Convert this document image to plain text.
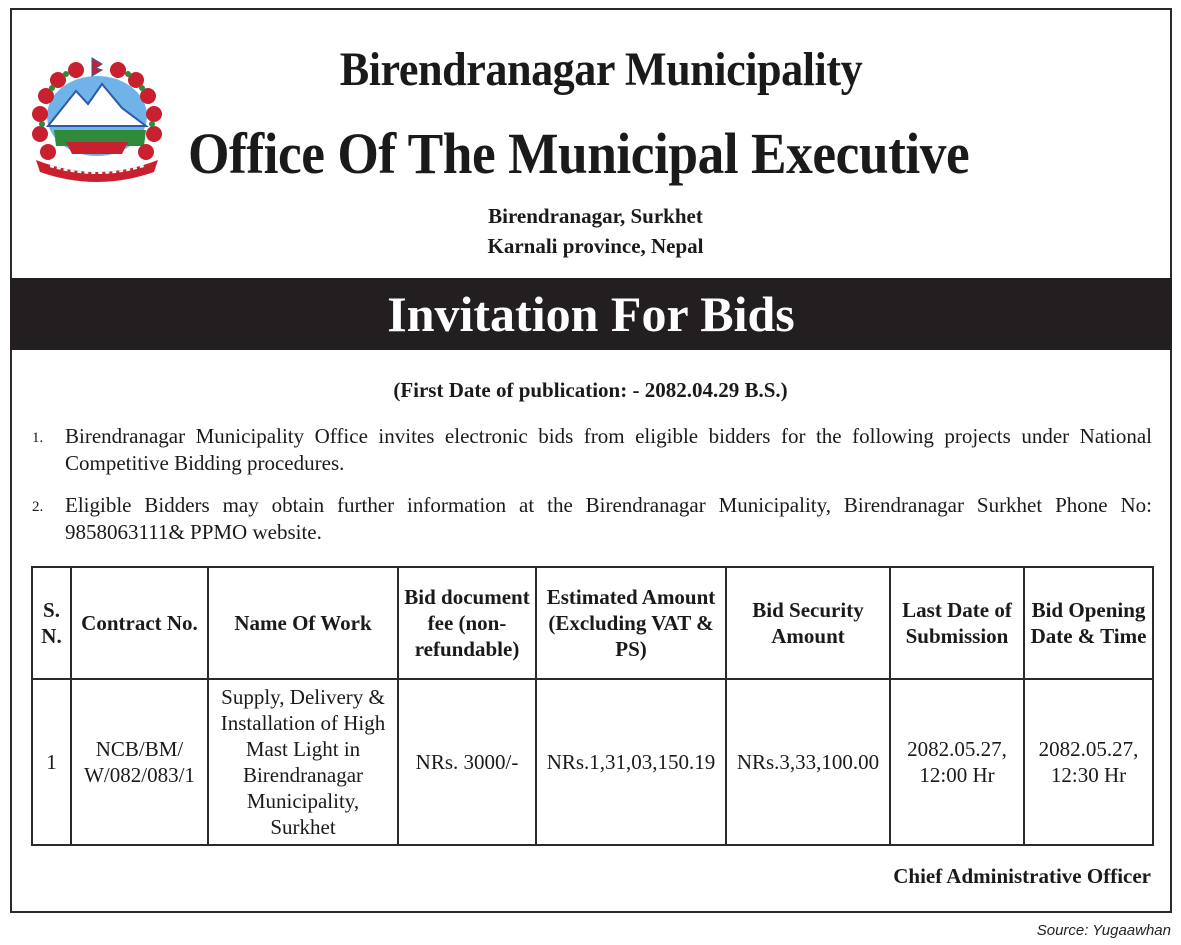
Birendranagar Municipality
Office Of The Municipal Executive
Birendranagar, Surkhet
Karnali province, Nepal
Invitation For Bids
(First Date of publication: - 2082.04.29 B.S.)
1. Birendranagar Municipality Office invites electronic bids from eligible bidders for the following projects under National Competitive Bidding procedures.
2. Eligible Bidders may obtain further information at the Birendranagar Municipality, Birendranagar Surkhet Phone No: 9858063111& PPMO website.
S. N.	Contract No.	Name Of Work	Bid document fee (non-refundable)	Estimated Amount (Excluding VAT & PS)	Bid Security Amount	Last Date of Submission	Bid Opening Date & Time
1	NCB/BM/ W/082/083/1	Supply, Delivery & Installation of High Mast Light in Birendranagar Municipality, Surkhet	NRs. 3000/-	NRs.1,31,03,150.19	NRs.3,33,100.00	2082.05.27, 12:00 Hr	2082.05.27, 12:30 Hr
Chief Administrative Officer
Source: Yugaawhan
